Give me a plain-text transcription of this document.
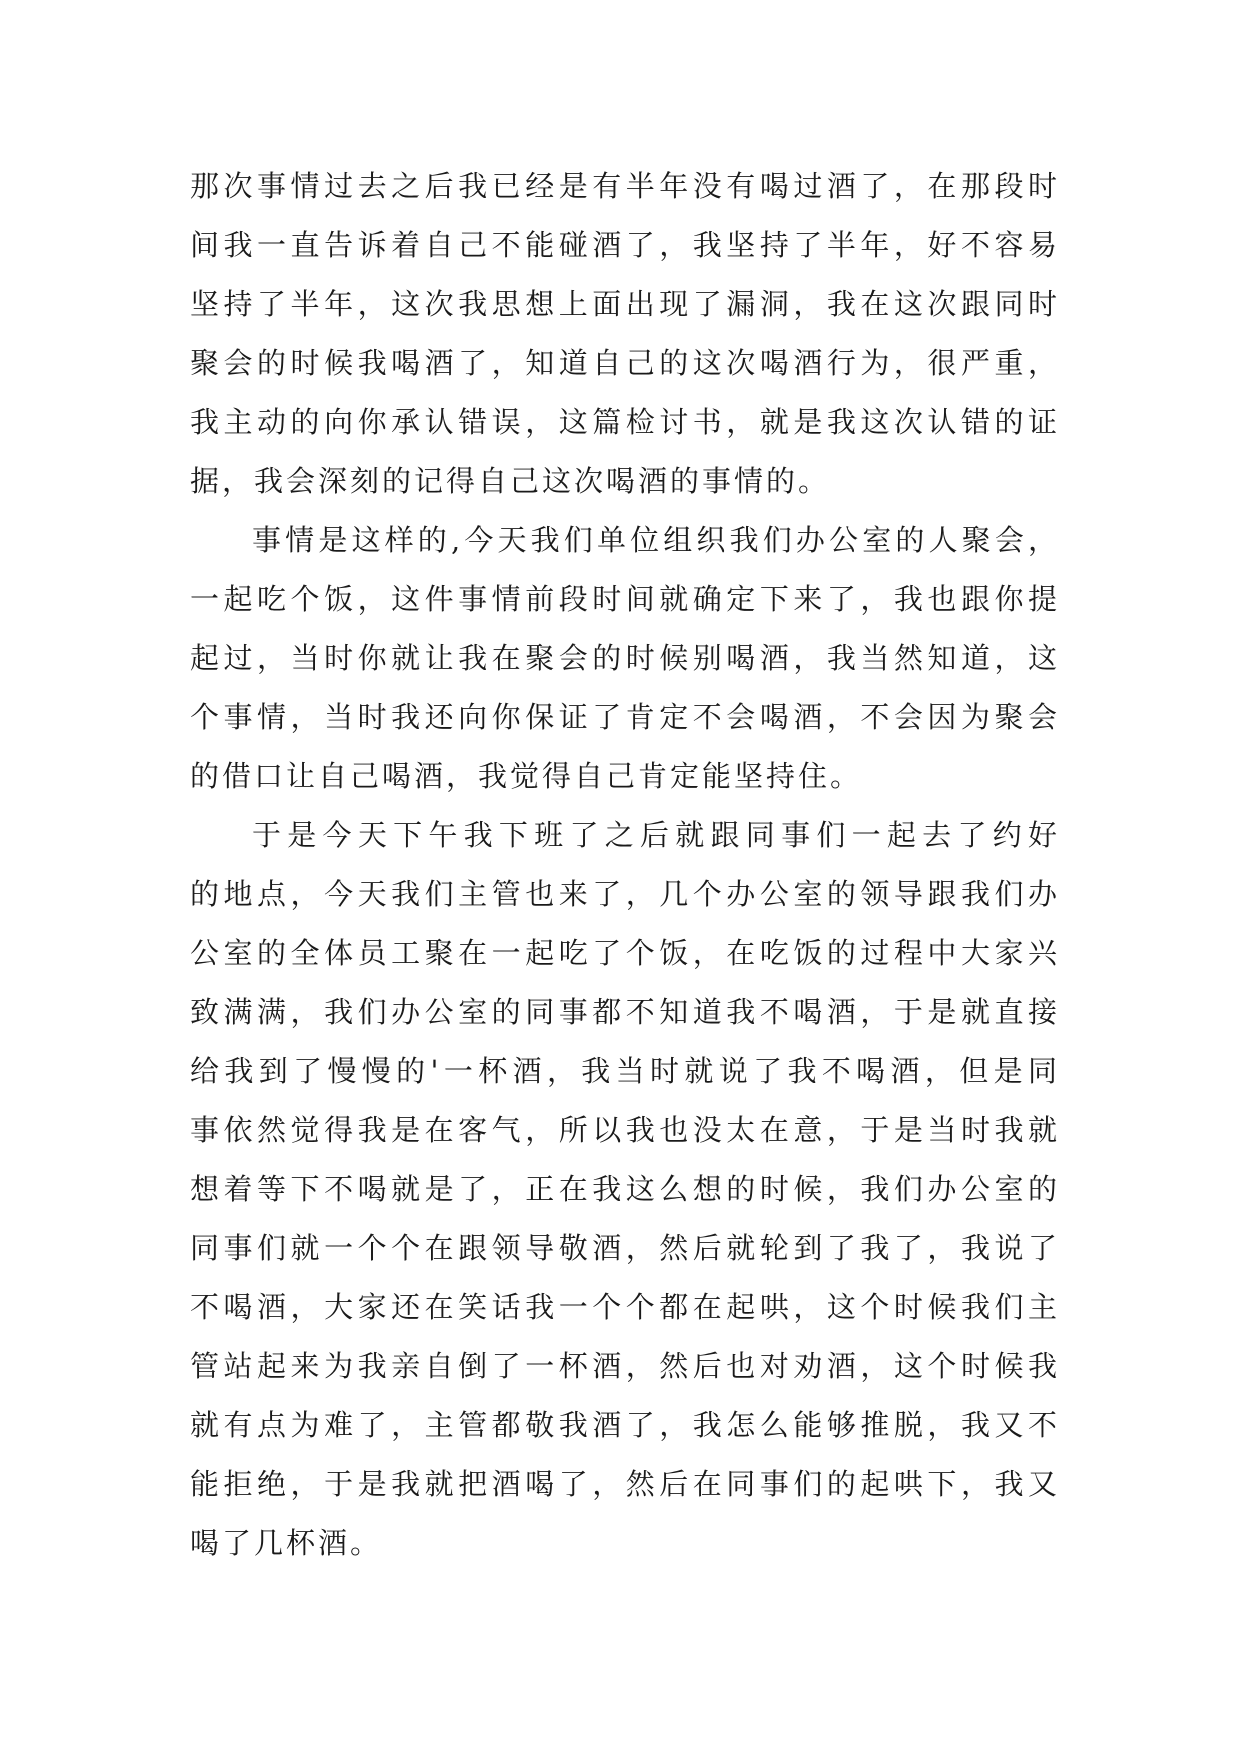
那次事情过去之后我已经是有半年没有喝过酒了，在那段时
间我一直告诉着自己不能碰酒了，我坚持了半年，好不容易
坚持了半年，这次我思想上面出现了漏洞，我在这次跟同时
聚会的时候我喝酒了，知道自己的这次喝酒行为，很严重，
我主动的向你承认错误，这篇检讨书，就是我这次认错的证
据，我会深刻的记得自己这次喝酒的事情的。
事情是这样的,今天我们单位组织我们办公室的人聚会，
一起吃个饭，这件事情前段时间就确定下来了，我也跟你提
起过，当时你就让我在聚会的时候别喝酒，我当然知道，这
个事情，当时我还向你保证了肯定不会喝酒，不会因为聚会
的借口让自己喝酒，我觉得自己肯定能坚持住。
于是今天下午我下班了之后就跟同事们一起去了约好
的地点，今天我们主管也来了，几个办公室的领导跟我们办
公室的全体员工聚在一起吃了个饭，在吃饭的过程中大家兴
致满满，我们办公室的同事都不知道我不喝酒，于是就直接
给我到了慢慢的'一杯酒，我当时就说了我不喝酒，但是同
事依然觉得我是在客气，所以我也没太在意，于是当时我就
想着等下不喝就是了，正在我这么想的时候，我们办公室的
同事们就一个个在跟领导敬酒，然后就轮到了我了，我说了
不喝酒，大家还在笑话我一个个都在起哄，这个时候我们主
管站起来为我亲自倒了一杯酒，然后也对劝酒，这个时候我
就有点为难了，主管都敬我酒了，我怎么能够推脱，我又不
能拒绝，于是我就把酒喝了，然后在同事们的起哄下，我又
喝了几杯酒。
